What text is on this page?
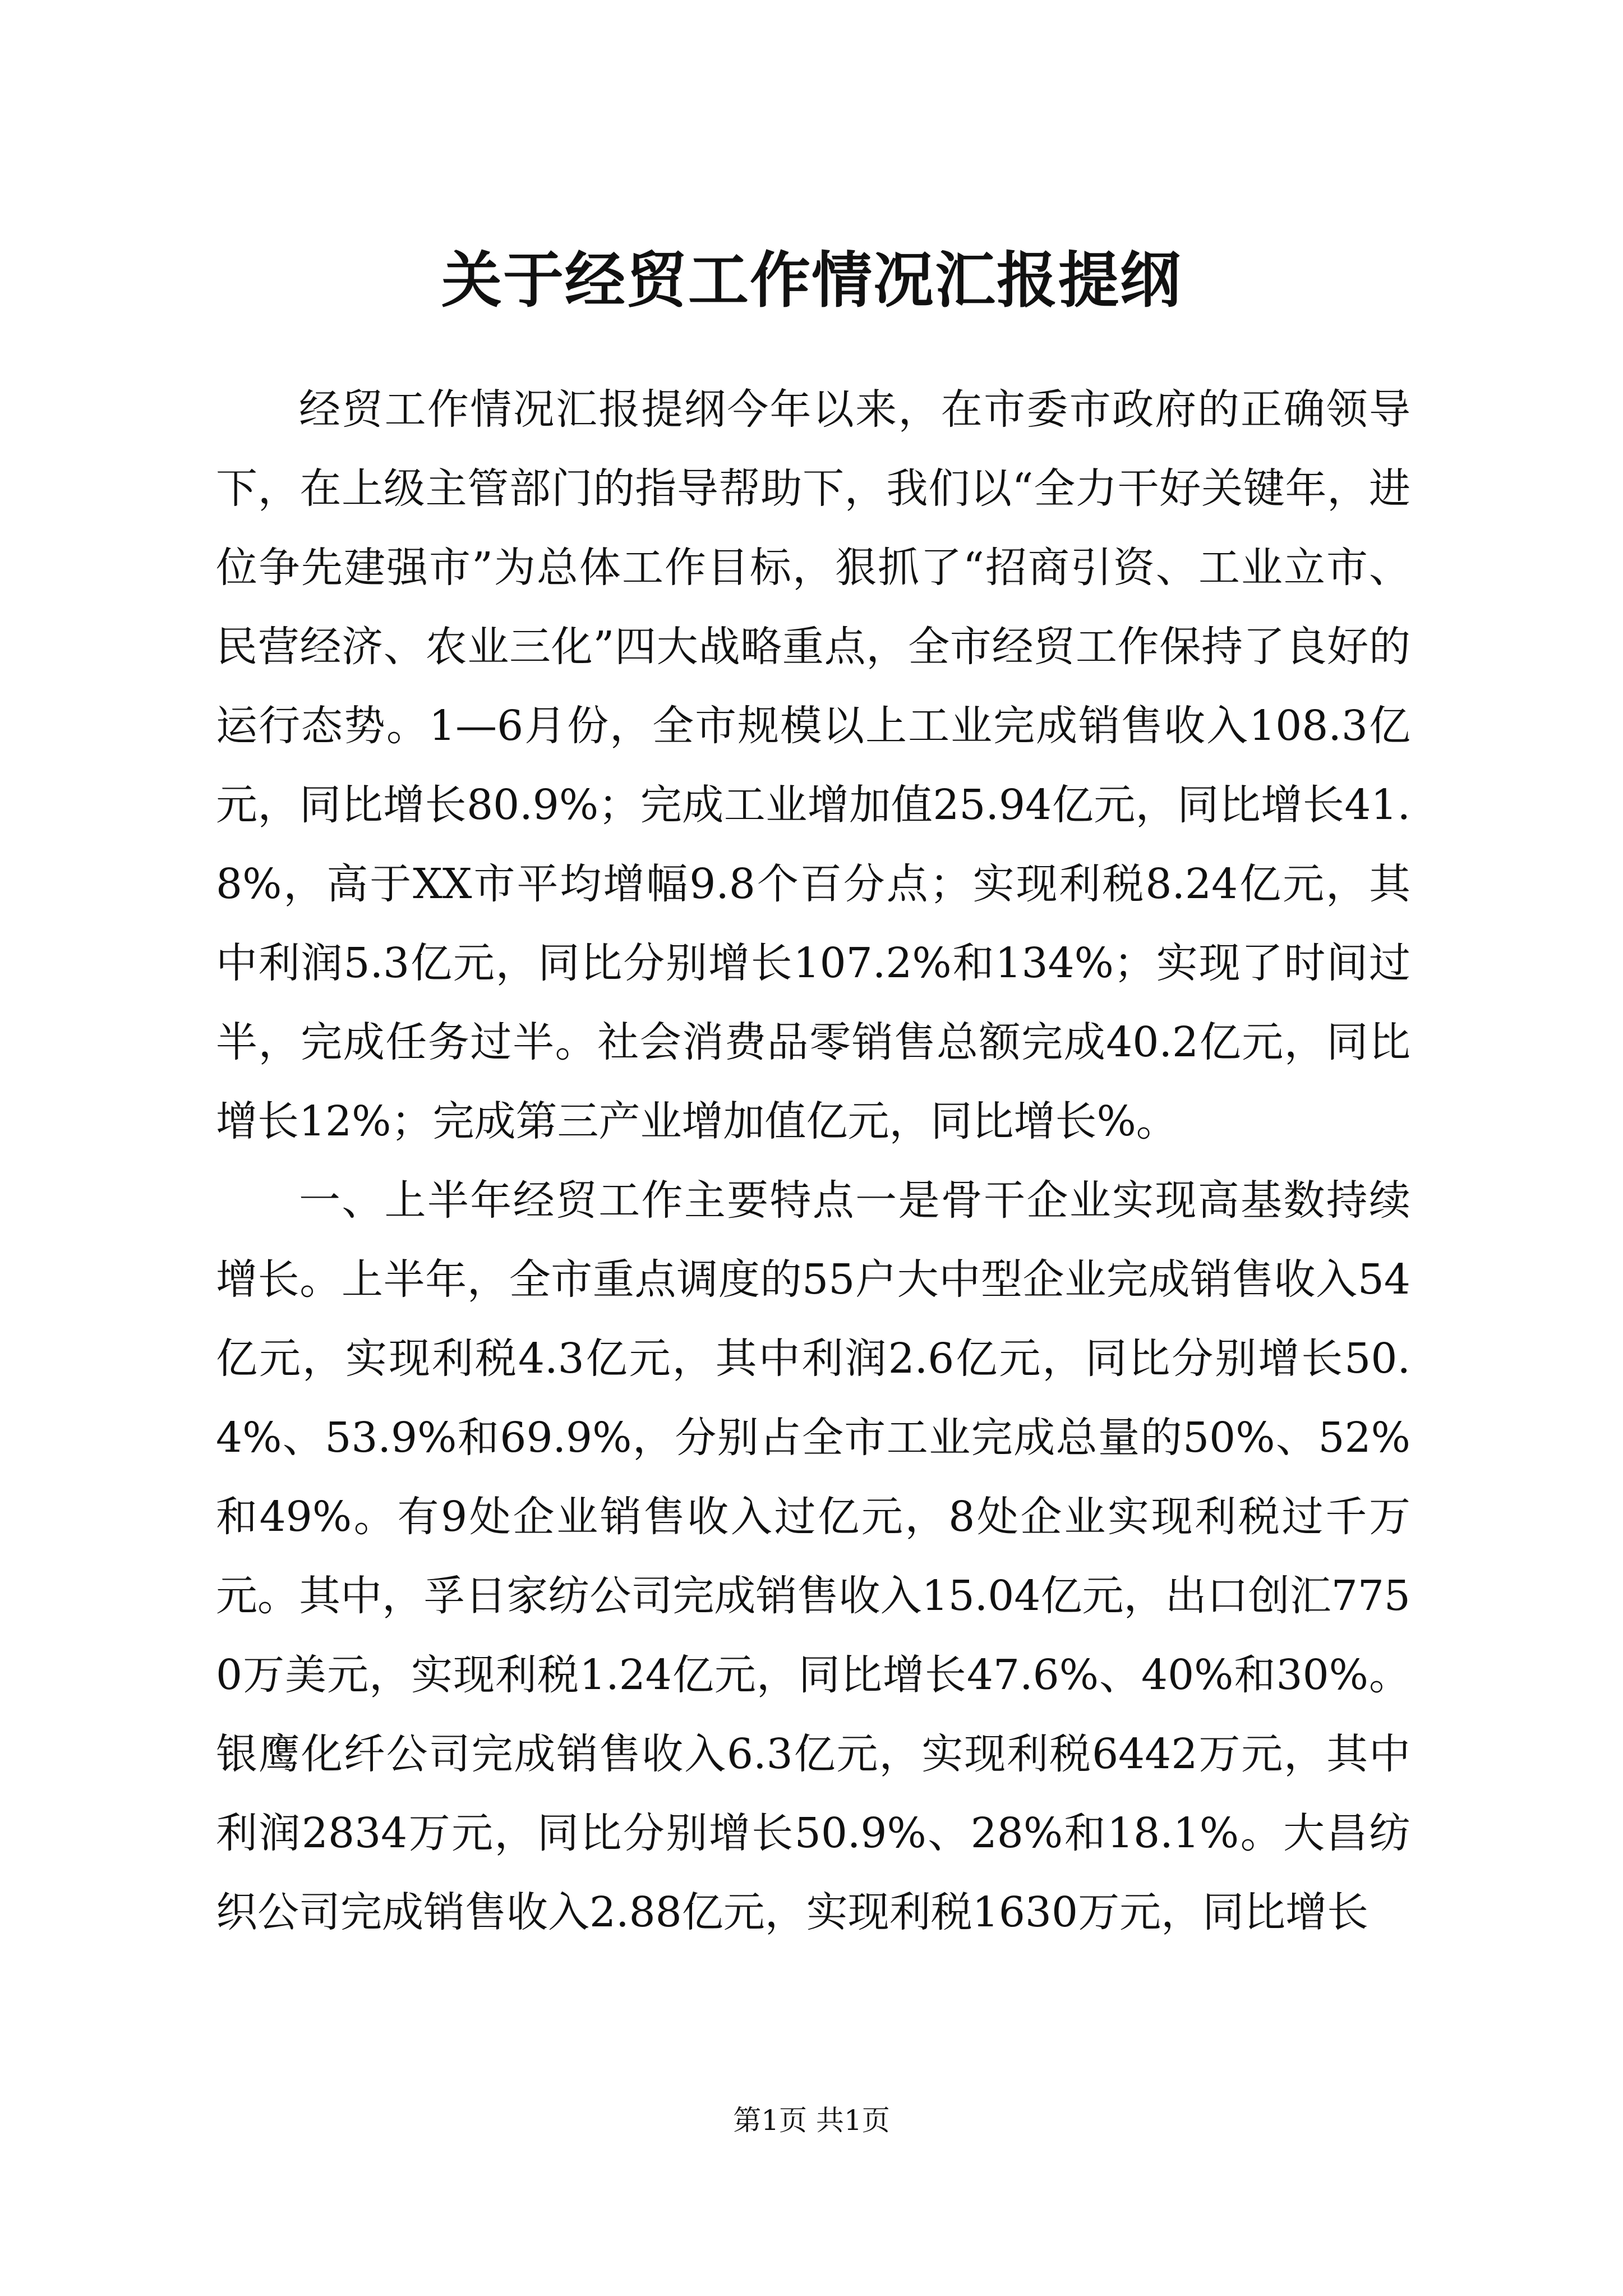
关于经贸工作情况汇报提纲

经贸工作情况汇报提纲今年以来，在市委市政府的正确领导下，在上级主管部门的指导帮助下，我们以“全力干好关键年，进位争先建强市”为总体工作目标，狠抓了“招商引资、工业立市、民营经济、农业三化”四大战略重点，全市经贸工作保持了良好的运行态势。1—6月份，全市规模以上工业完成销售收入108.3亿元，同比增长80.9%；完成工业增加值25.94亿元，同比增长41.8%，高于XX市平均增幅9.8个百分点；实现利税8.24亿元，其中利润5.3亿元，同比分别增长107.2%和134%；实现了时间过半，完成任务过半。社会消费品零销售总额完成40.2亿元，同比增长12%；完成第三产业增加值亿元，同比增长%。

一、上半年经贸工作主要特点一是骨干企业实现高基数持续增长。上半年，全市重点调度的55户大中型企业完成销售收入54亿元，实现利税4.3亿元，其中利润2.6亿元，同比分别增长50.4%、53.9%和69.9%，分别占全市工业完成总量的50%、52%和49%。有9处企业销售收入过亿元，8处企业实现利税过千万元。其中，孚日家纺公司完成销售收入15.04亿元，出口创汇7750万美元，实现利税1.24亿元，同比增长47.6%、40%和30%。银鹰化纤公司完成销售收入6.3亿元，实现利税6442万元，其中利润2834万元，同比分别增长50.9%、28%和18.1%。大昌纺织公司完成销售收入2.88亿元，实现利税1630万元，同比增长

第1页 共1页
